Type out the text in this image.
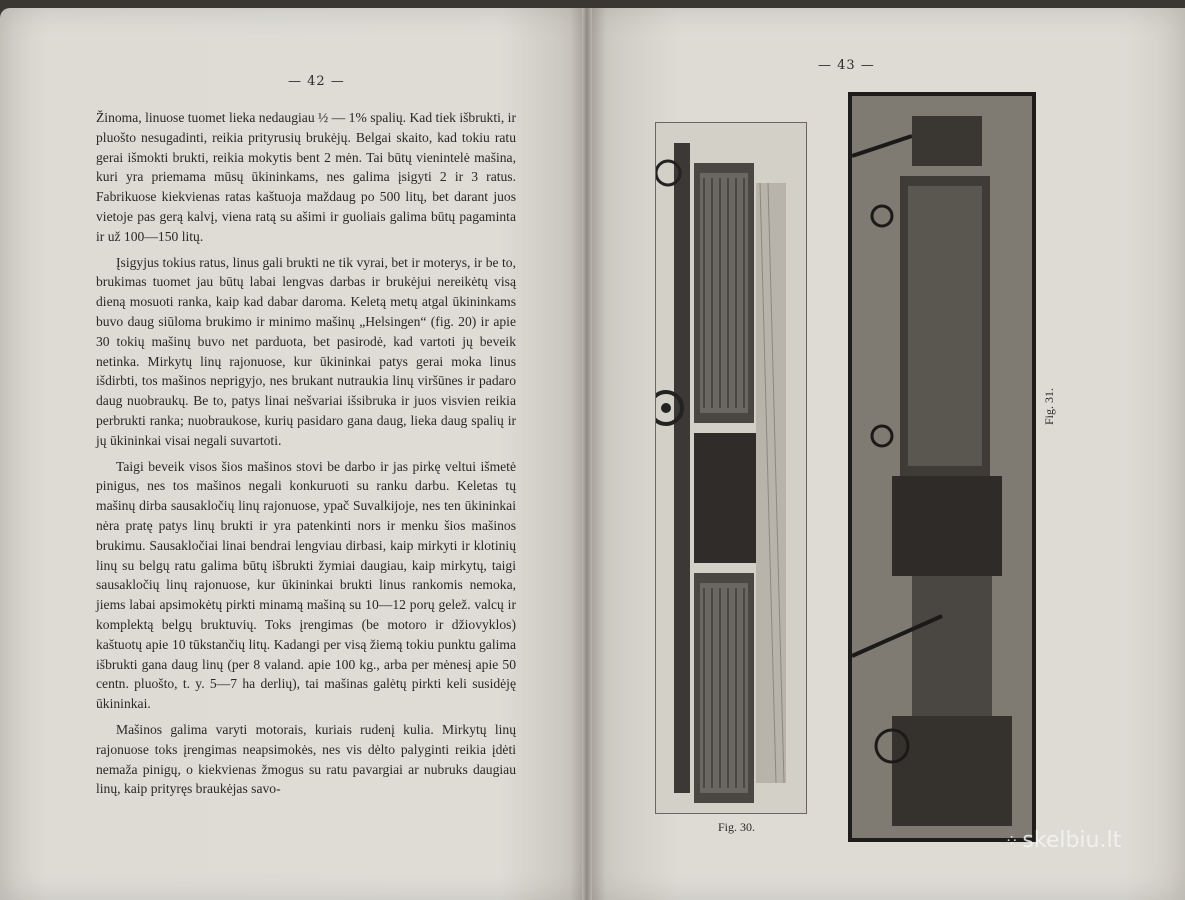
— 42 —

Žinoma, linuose tuomet lieka nedaugiau ½ — 1% spalių. Kad tiek išbrukti, ir pluošto nesugadinti, reikia prityrusių brukėjų. Belgai skaito, kad tokiu ratu gerai išmokti brukti, reikia mokytis bent 2 mėn. Tai būtų vienintelė mašina, kuri yra priemama mūsų ūkininkams, nes galima įsigyti 2 ir 3 ratus. Fabrikuose kiekvienas ratas kaštuoja maždaug po 500 litų, bet darant juos vietoje pas gerą kalvį, viena ratą su ašimi ir guoliais galima būtų pagaminta ir už 100—150 litų.

Įsigyjus tokius ratus, linus gali brukti ne tik vyrai, bet ir moterys, ir be to, brukimas tuomet jau būtų labai lengvas darbas ir brukėjui nereikėtų visą dieną mosuoti ranka, kaip kad dabar daroma. Keletą metų atgal ūkininkams buvo daug siūloma brukimo ir minimo mašinų „Helsingen“ (fig. 20) ir apie 30 tokių mašinų buvo net parduota, bet pasirodė, kad vartoti jų beveik netinka. Mirkytų linų rajonuose, kur ūkininkai patys gerai moka linus išdirbti, tos mašinos neprigyjo, nes brukant nutraukia linų viršūnes ir padaro daug nuobraukų. Be to, patys linai nešvariai išsibruka ir juos visvien reikia perbrukti ranka; nuobraukose, kurių pasidaro gana daug, lieka daug spalių ir jų ūkininkai visai negali suvartoti.

Taigi beveik visos šios mašinos stovi be darbo ir jas pirkę veltui išmetė pinigus, nes tos mašinos negali konkuruoti su ranku darbu. Keletas tų mašinų dirba sausakločių linų rajonuose, ypač Suvalkijoje, nes ten ūkininkai nėra pratę patys linų brukti ir yra patenkinti nors ir menku šios mašinos brukimu. Sausakločiai linai bendrai lengviau dirbasi, kaip mirkyti ir klotinių linų su belgų ratu galima būtų išbrukti žymiai daugiau, kaip mirkytų, taigi sausakločių linų rajonuose, kur ūkininkai brukti linus rankomis nemoka, jiems labai apsimokėtų pirkti minamą mašiną su 10—12 porų gelež. valcų ir komplektą belgų bruktuvių. Toks įrengimas (be motoro ir džiovyklos) kaštuotų apie 10 tūkstančių litų. Kadangi per visą žiemą tokiu punktu galima išbrukti gana daug linų (per 8 valand. apie 100 kg., arba per mėnesį apie 50 centn. pluošto, t. y. 5—7 ha derlių), tai mašinas galėtų pirkti keli susidėję ūkininkai.

Mašinos galima varyti motorais, kuriais rudenį kulia. Mirkytų linų rajonuose toks įrengimas neapsimokės, nes vis dėlto palyginti reikia įdėti nemaža pinigų, o kiekvienas žmogus su ratu pavargiai ar nubruks daugiau linų, kaip prityręs braukėjas savo-

— 43 —
Fig. 30.
Fig. 31.
⁘ skelbiu.lt
